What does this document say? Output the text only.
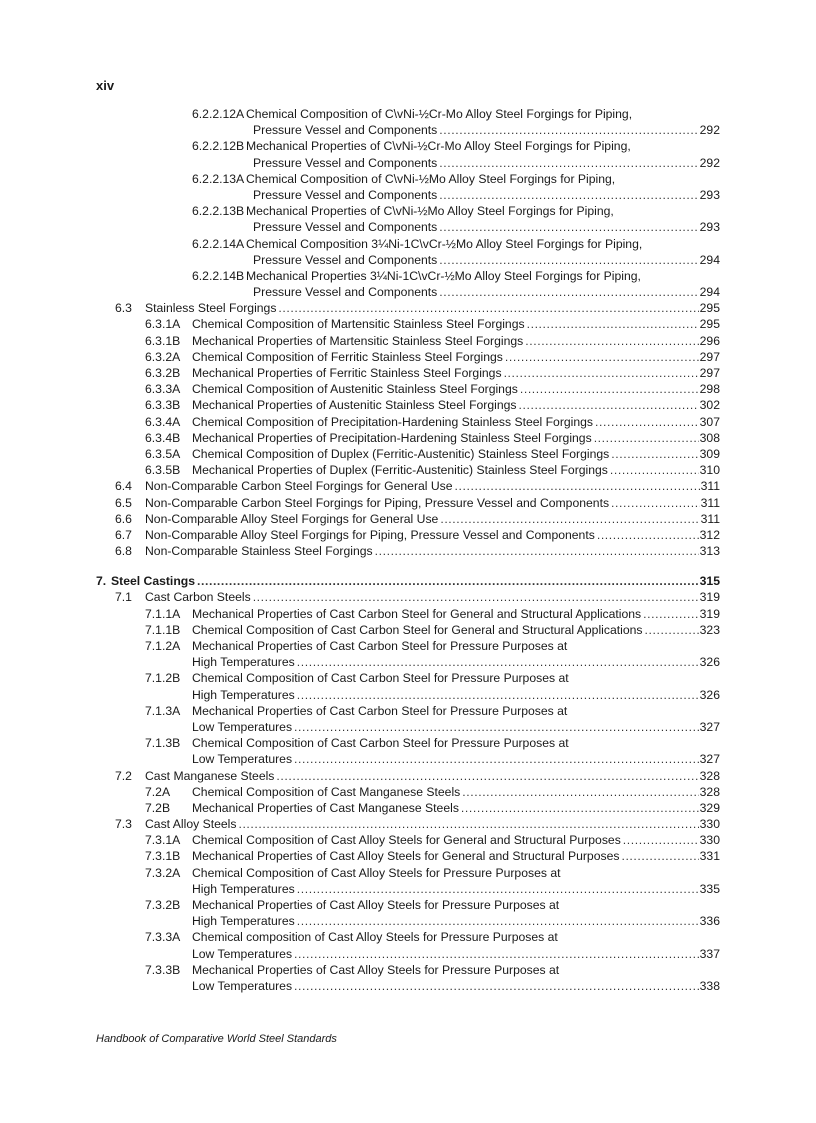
xiv
6.2.2.12A Chemical Composition of C\vNi-½Cr-Mo Alloy Steel Forgings for Piping,
Pressure Vessel and Components .....	292
6.2.2.12B Mechanical Properties of C\vNi-½Cr-Mo Alloy Steel Forgings for Piping,
Pressure Vessel and Components .....	292
6.2.2.13A Chemical Composition of C\vNi-½Mo Alloy Steel Forgings for Piping,
Pressure Vessel and Components .....	293
6.2.2.13B Mechanical Properties of C\vNi-½Mo Alloy Steel Forgings for Piping,
Pressure Vessel and Components .....	293
6.2.2.14A Chemical Composition 3¼Ni-1C\vCr-½Mo Alloy Steel Forgings for Piping,
Pressure Vessel and Components .....	294
6.2.2.14B Mechanical Properties 3¼Ni-1C\vCr-½Mo Alloy Steel Forgings for Piping,
Pressure Vessel and Components .....	294
6.3 Stainless Steel Forgings .....	295
6.3.1A Chemical Composition of Martensitic Stainless Steel Forgings .....	295
6.3.1B Mechanical Properties of Martensitic Stainless Steel Forgings .....	296
6.3.2A Chemical Composition of Ferritic Stainless Steel Forgings .....	297
6.3.2B Mechanical Properties of Ferritic Stainless Steel Forgings .....	297
6.3.3A Chemical Composition of Austenitic Stainless Steel Forgings .....	298
6.3.3B Mechanical Properties of Austenitic Stainless Steel Forgings .....	302
6.3.4A Chemical Composition of Precipitation-Hardening Stainless Steel Forgings .....	307
6.3.4B Mechanical Properties of Precipitation-Hardening Stainless Steel Forgings .....	308
6.3.5A Chemical Composition of Duplex (Ferritic-Austenitic) Stainless Steel Forgings .....	309
6.3.5B Mechanical Properties of Duplex (Ferritic-Austenitic) Stainless Steel Forgings .....	310
6.4 Non-Comparable Carbon Steel Forgings for General Use .....	311
6.5 Non-Comparable Carbon Steel Forgings for Piping, Pressure Vessel and Components .....	311
6.6 Non-Comparable Alloy Steel Forgings for General Use .....	311
6.7 Non-Comparable Alloy Steel Forgings for Piping, Pressure Vessel and Components .....	312
6.8 Non-Comparable Stainless Steel Forgings .....	313
7. Steel Castings .....	315
7.1 Cast Carbon Steels .....	319
7.1.1A Mechanical Properties of Cast Carbon Steel for General and Structural Applications .....	319
7.1.1B Chemical Composition of Cast Carbon Steel for General and Structural Applications .....	323
7.1.2A Mechanical Properties of Cast Carbon Steel for Pressure Purposes at
High Temperatures .....	326
7.1.2B Chemical Composition of Cast Carbon Steel for Pressure Purposes at
High Temperatures .....	326
7.1.3A Mechanical Properties of Cast Carbon Steel for Pressure Purposes at
Low Temperatures .....	327
7.1.3B Chemical Composition of Cast Carbon Steel for Pressure Purposes at
Low Temperatures .....	327
7.2 Cast Manganese Steels .....	328
7.2A Chemical Composition of Cast Manganese Steels .....	328
7.2B Mechanical Properties of Cast Manganese Steels .....	329
7.3 Cast Alloy Steels .....	330
7.3.1A Chemical Composition of Cast Alloy Steels for General and Structural Purposes .....	330
7.3.1B Mechanical Properties of Cast Alloy Steels for General and Structural Purposes .....	331
7.3.2A Chemical Composition of Cast Alloy Steels for Pressure Purposes at
High Temperatures .....	335
7.3.2B Mechanical Properties of Cast Alloy Steels for Pressure Purposes at
High Temperatures .....	336
7.3.3A Chemical composition of Cast Alloy Steels for Pressure Purposes at
Low Temperatures .....	337
7.3.3B Mechanical Properties of Cast Alloy Steels for Pressure Purposes at
Low Temperatures .....	338
Handbook of Comparative World Steel Standards
